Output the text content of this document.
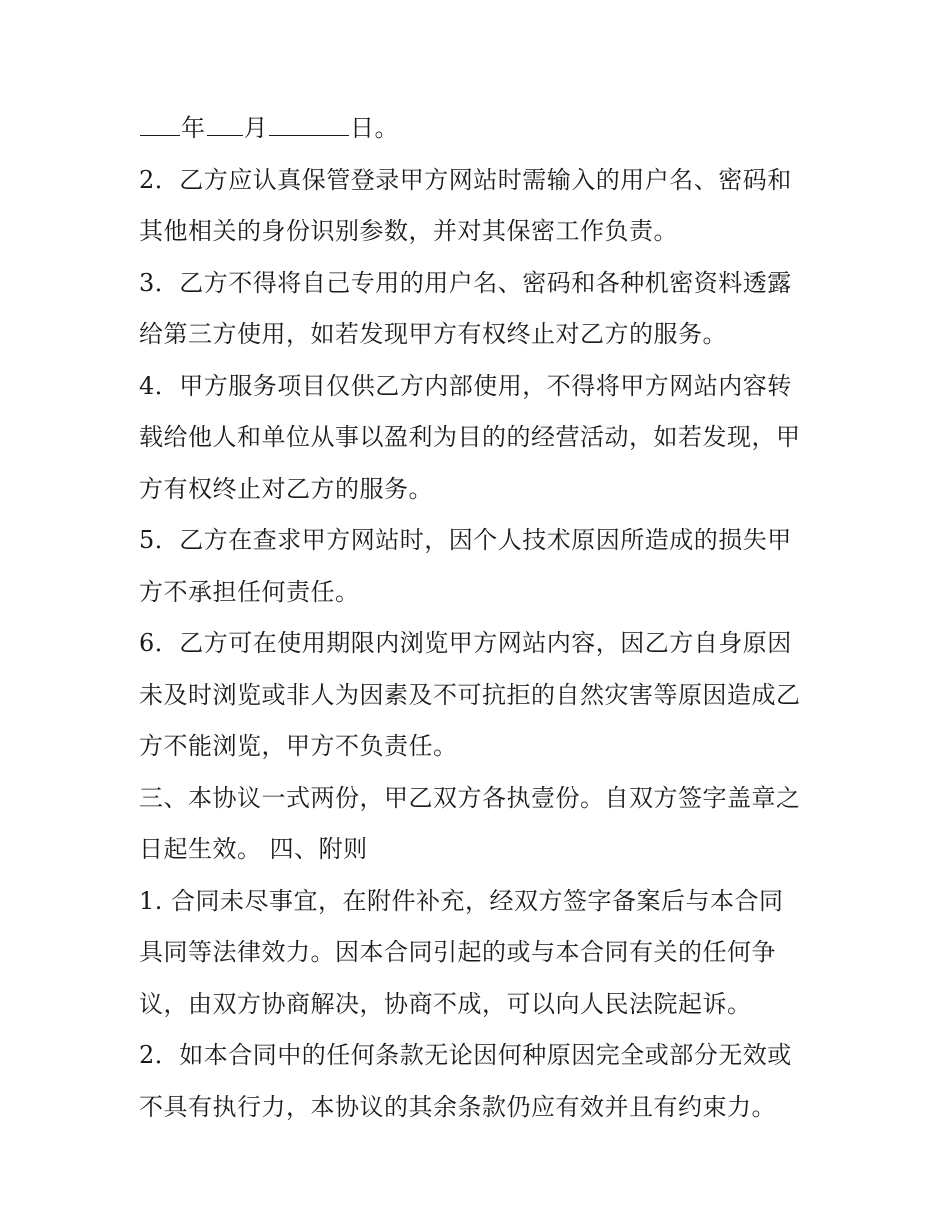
年 月	日。
2．乙方应认真保管登录甲方网站时需输入的用户名、密码和
其他相关的身份识别参数，并对其保密工作负责。
3．乙方不得将自己专用的用户名、密码和各种机密资料透露
给第三方使用，如若发现甲方有权终止对乙方的服务。
4．甲方服务项目仅供乙方内部使用，不得将甲方网站内容转
载给他人和单位从事以盈利为目的的经营活动，如若发现，甲
方有权终止对乙方的服务。
5．乙方在查求甲方网站时，因个人技术原因所造成的损失甲
方不承担任何责任。
6．乙方可在使用期限内浏览甲方网站内容，因乙方自身原因
未及时浏览或非人为因素及不可抗拒的自然灾害等原因造成乙
方不能浏览，甲方不负责任。
三、本协议一式两份，甲乙双方各执壹份。自双方签字盖章之
日起生效。 四、附则
1. 合同未尽事宜，在附件补充，经双方签字备案后与本合同
具同等法律效力。因本合同引起的或与本合同有关的任何争
议，由双方协商解决，协商不成，可以向人民法院起诉。
2．如本合同中的任何条款无论因何种原因完全或部分无效或
不具有执行力，本协议的其余条款仍应有效并且有约束力。
